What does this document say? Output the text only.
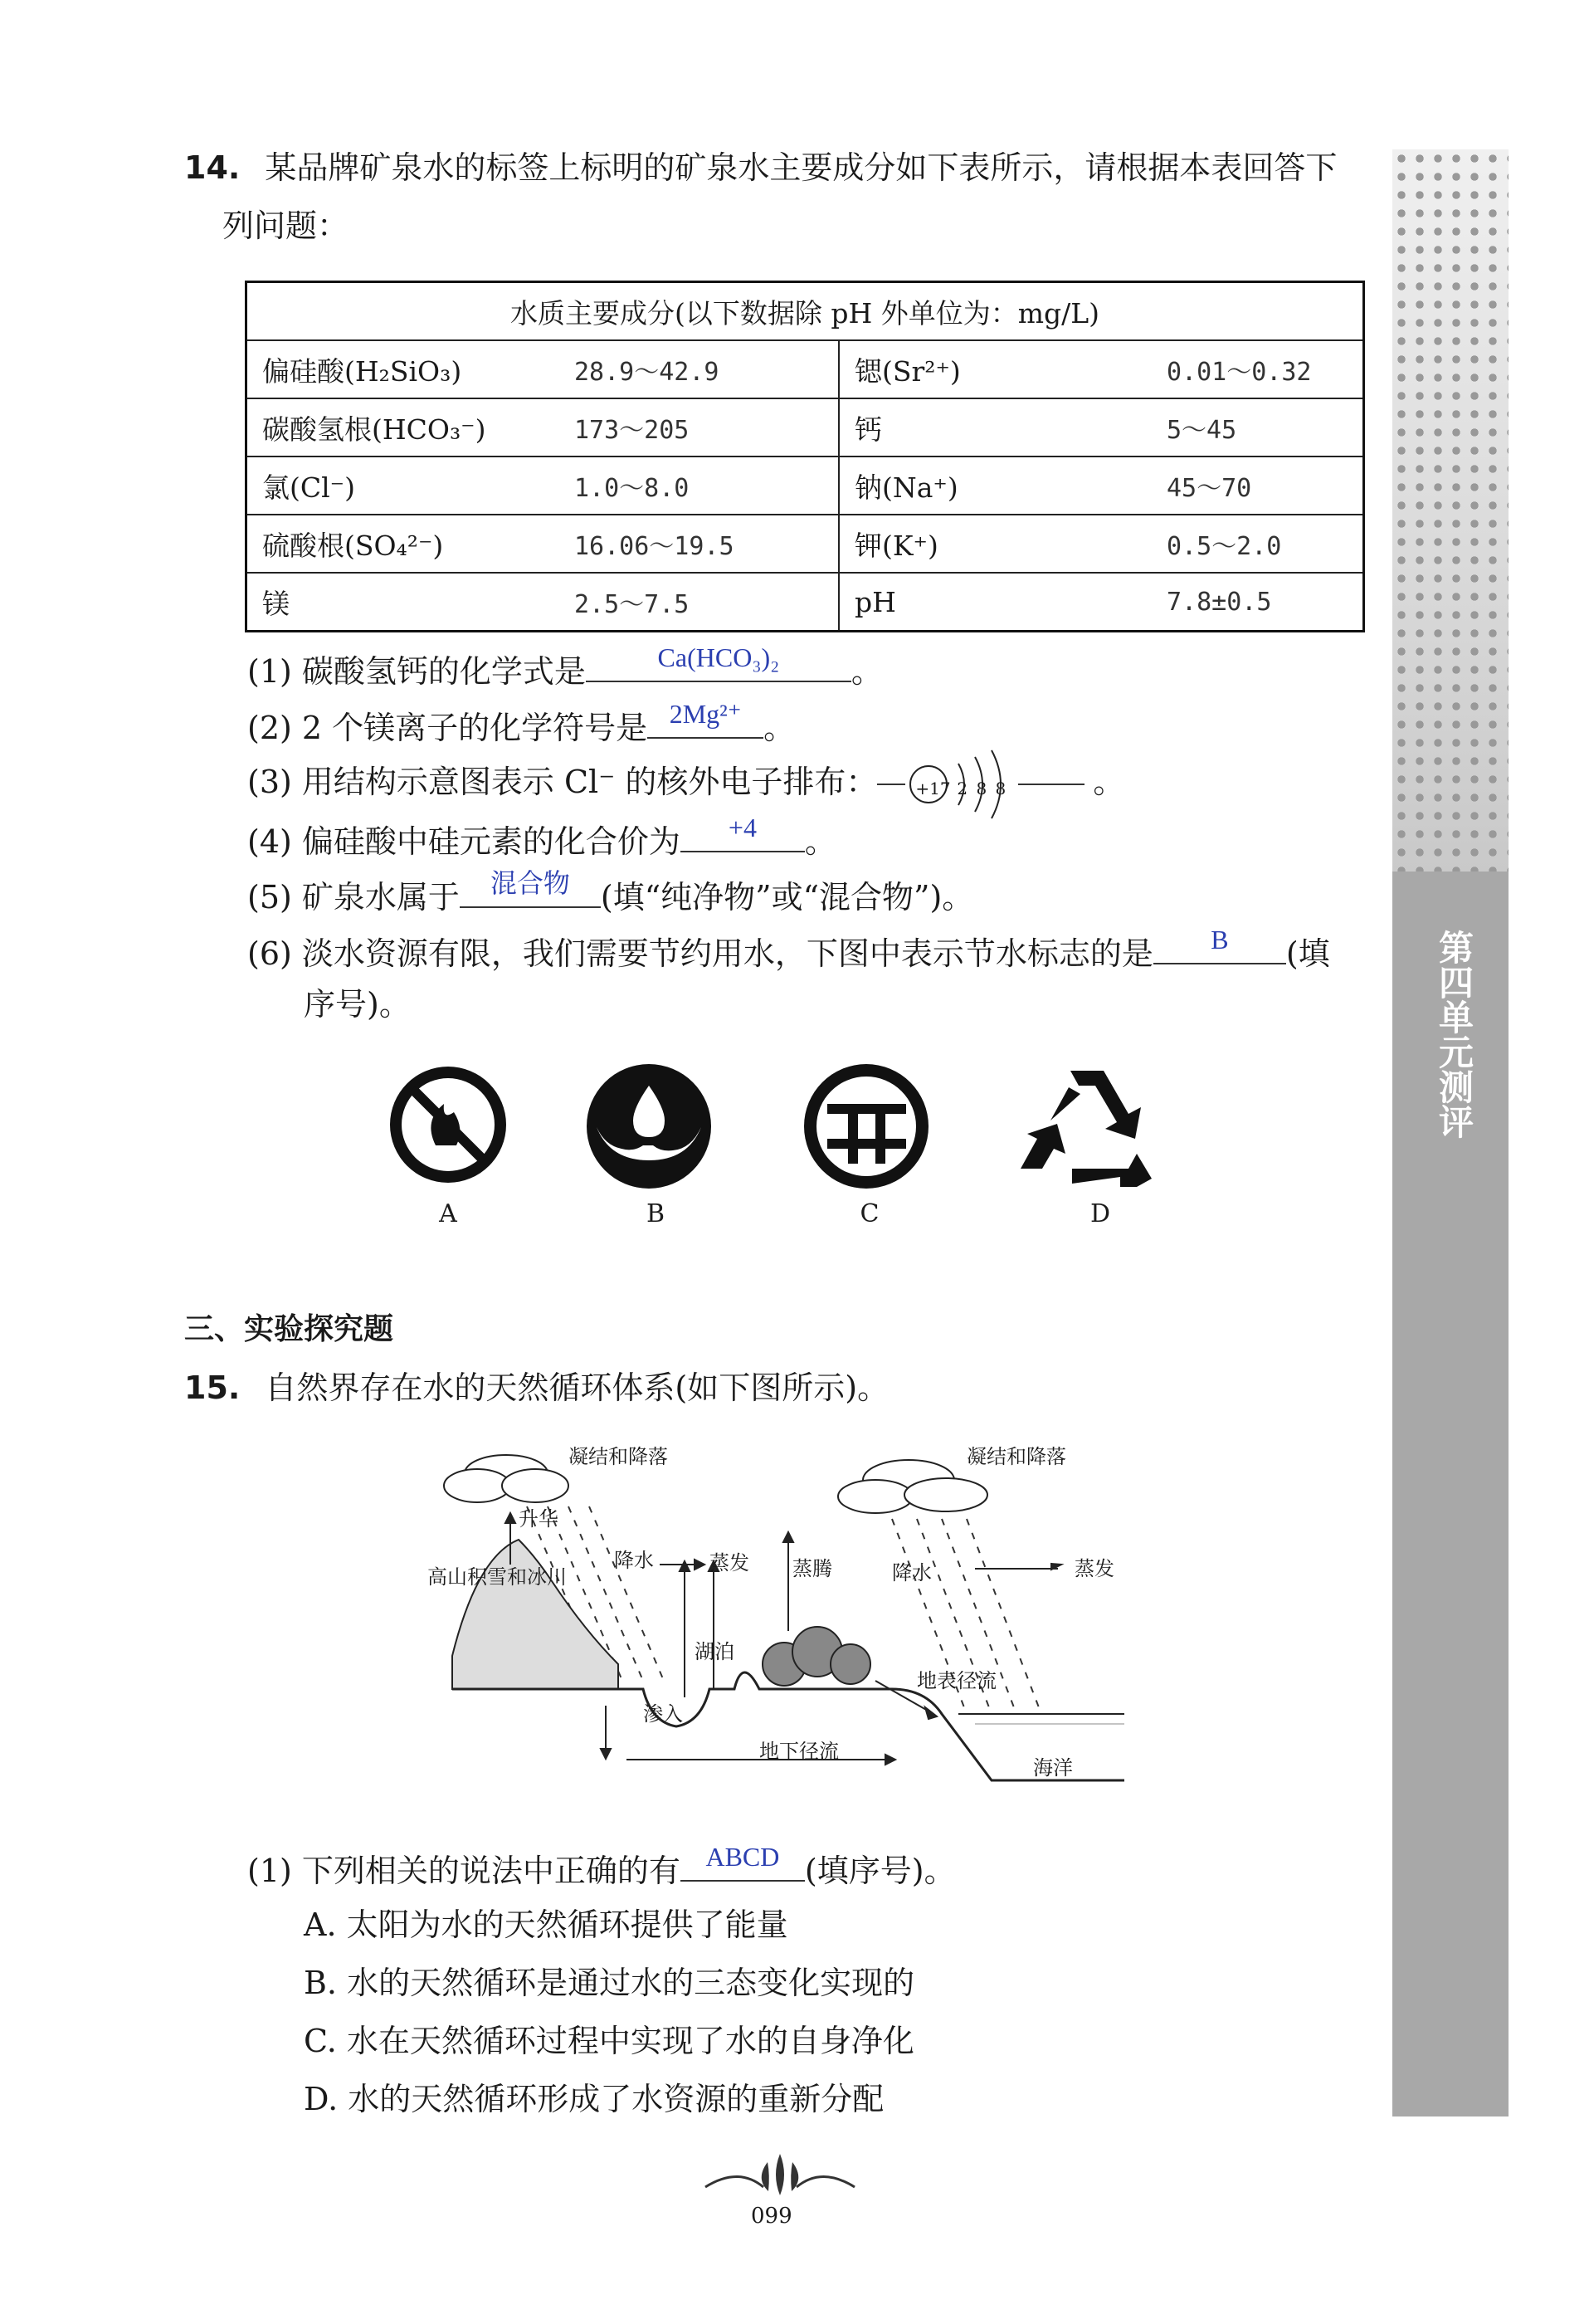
第四单元测评
14. 某品牌矿泉水的标签上标明的矿泉水主要成分如下表所示，请根据本表回答下
列问题：
水质主要成分(以下数据除 pH 外单位为：mg/L)			
偏硅酸(H₂SiO₃)	28.9～42.9	锶(Sr²⁺)	0.01～0.32
碳酸氢根(HCO₃⁻)	173～205	钙	5～45
氯(Cl⁻)	1.0～8.0	钠(Na⁺)	45～70
硫酸根(SO₄²⁻)	16.06～19.5	钾(K⁺)	0.5～2.0
镁	2.5～7.5	pH	7.8±0.5
(1) 碳酸氢钙的化学式是	Ca(HCO₃)₂	。
(2) 2 个镁离子的化学符号是 2Mg²⁺ 。
(3) 用结构示意图表示 Cl⁻ 的核外电子排布： +17 2 8 8	。
(4) 偏硅酸中硅元素的化合价为	+4	。
(5) 矿泉水属于	混合物 (填“纯净物”或“混合物”)。
(6) 淡水资源有限，我们需要节约用水，下图中表示节水标志的是	B	(填
序号)。
A	B	C	D
三、实验探究题
15. 自然界存在水的天然循环体系(如下图所示)。
凝结和降落	凝结和降落
升华
高山积雪和冰川
降水	蒸发 蒸腾	降水	蒸发
湖泊
地表径流
渗入
地下径流
海洋
(1) 下列相关的说法中正确的有 ABCD (填序号)。
A. 太阳为水的天然循环提供了能量
B. 水的天然循环是通过水的三态变化实现的
C. 水在天然循环过程中实现了水的自身净化
D. 水的天然循环形成了水资源的重新分配
099
